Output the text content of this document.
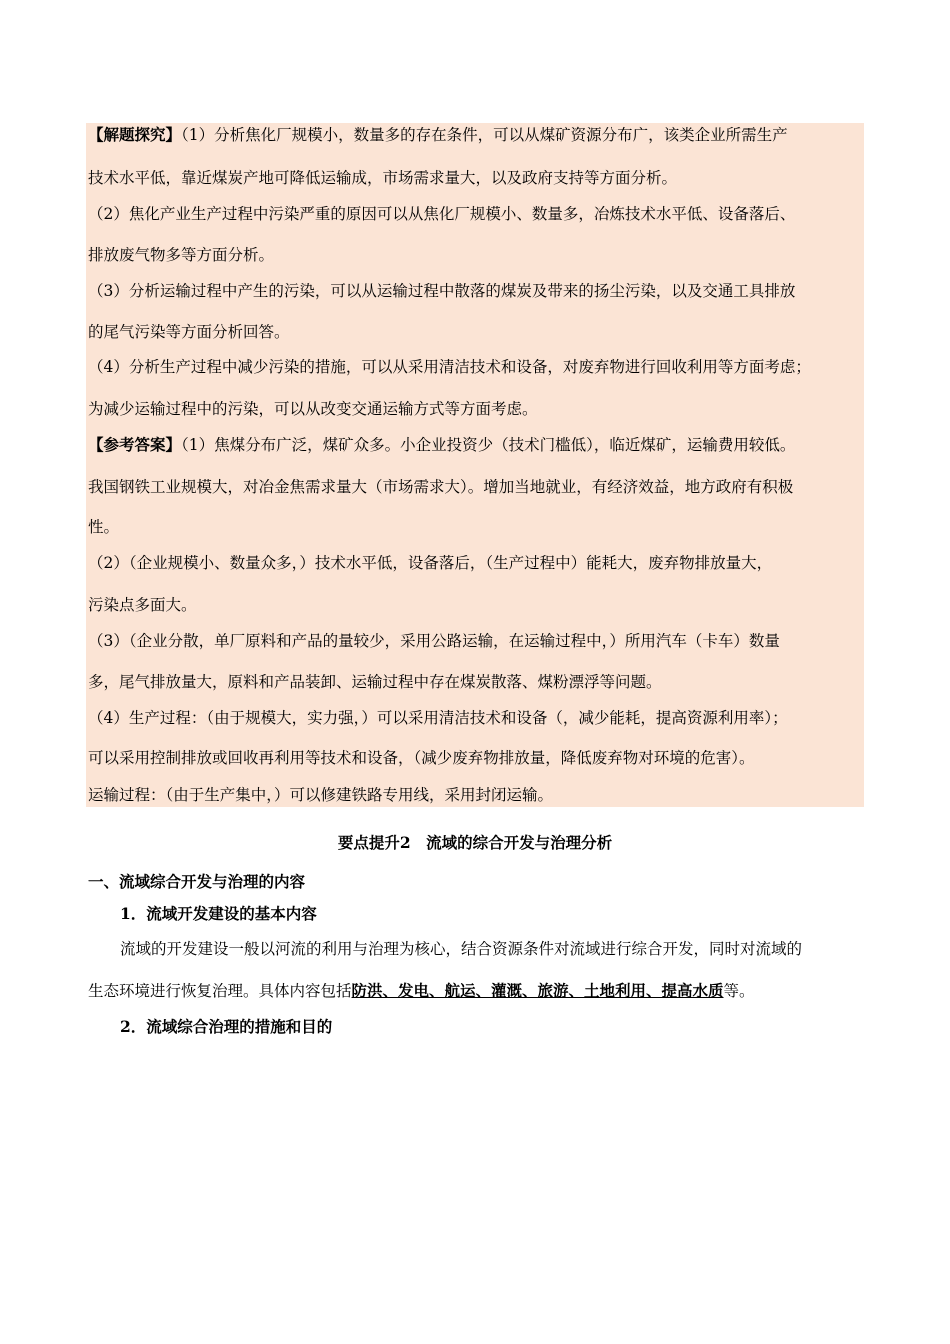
【解题探究】（1）分析焦化厂规模小，数量多的存在条件，可以从煤矿资源分布广，该类企业所需生产
技术水平低，靠近煤炭产地可降低运输成，市场需求量大，以及政府支持等方面分析。
（2）焦化产业生产过程中污染严重的原因可以从焦化厂规模小、数量多，冶炼技术水平低、设备落后、
排放废气物多等方面分析。
（3）分析运输过程中产生的污染，可以从运输过程中散落的煤炭及带来的扬尘污染，以及交通工具排放
的尾气污染等方面分析回答。
（4）分析生产过程中减少污染的措施，可以从采用清洁技术和设备，对废弃物进行回收利用等方面考虑；
为减少运输过程中的污染，可以从改变交通运输方式等方面考虑。
【参考答案】（1）焦煤分布广泛，煤矿众多。小企业投资少（技术门槛低），临近煤矿，运输费用较低。
我国钢铁工业规模大，对冶金焦需求量大（市场需求大）。增加当地就业，有经济效益，地方政府有积极
性。
（2）（企业规模小、数量众多，）技术水平低，设备落后，（生产过程中）能耗大，废弃物排放量大，
污染点多面大。
（3）（企业分散，单厂原料和产品的量较少，采用公路运输，在运输过程中，）所用汽车（卡车）数量
多，尾气排放量大，原料和产品装卸、运输过程中存在煤炭散落、煤粉漂浮等问题。
（4）生产过程：（由于规模大，实力强，）可以采用清洁技术和设备（，减少能耗，提高资源利用率）；
可以采用控制排放或回收再利用等技术和设备，（减少废弃物排放量，降低废弃物对环境的危害）。
运输过程：（由于生产集中，）可以修建铁路专用线，采用封闭运输。
要点提升2　流域的综合开发与治理分析
一、流域综合开发与治理的内容
1．流域开发建设的基本内容
流域的开发建设一般以河流的利用与治理为核心，结合资源条件对流域进行综合开发，同时对流域的
生态环境进行恢复治理。具体内容包括防洪、发电、航运、灌溉、旅游、土地利用、提高水质等。
2．流域综合治理的措施和目的
